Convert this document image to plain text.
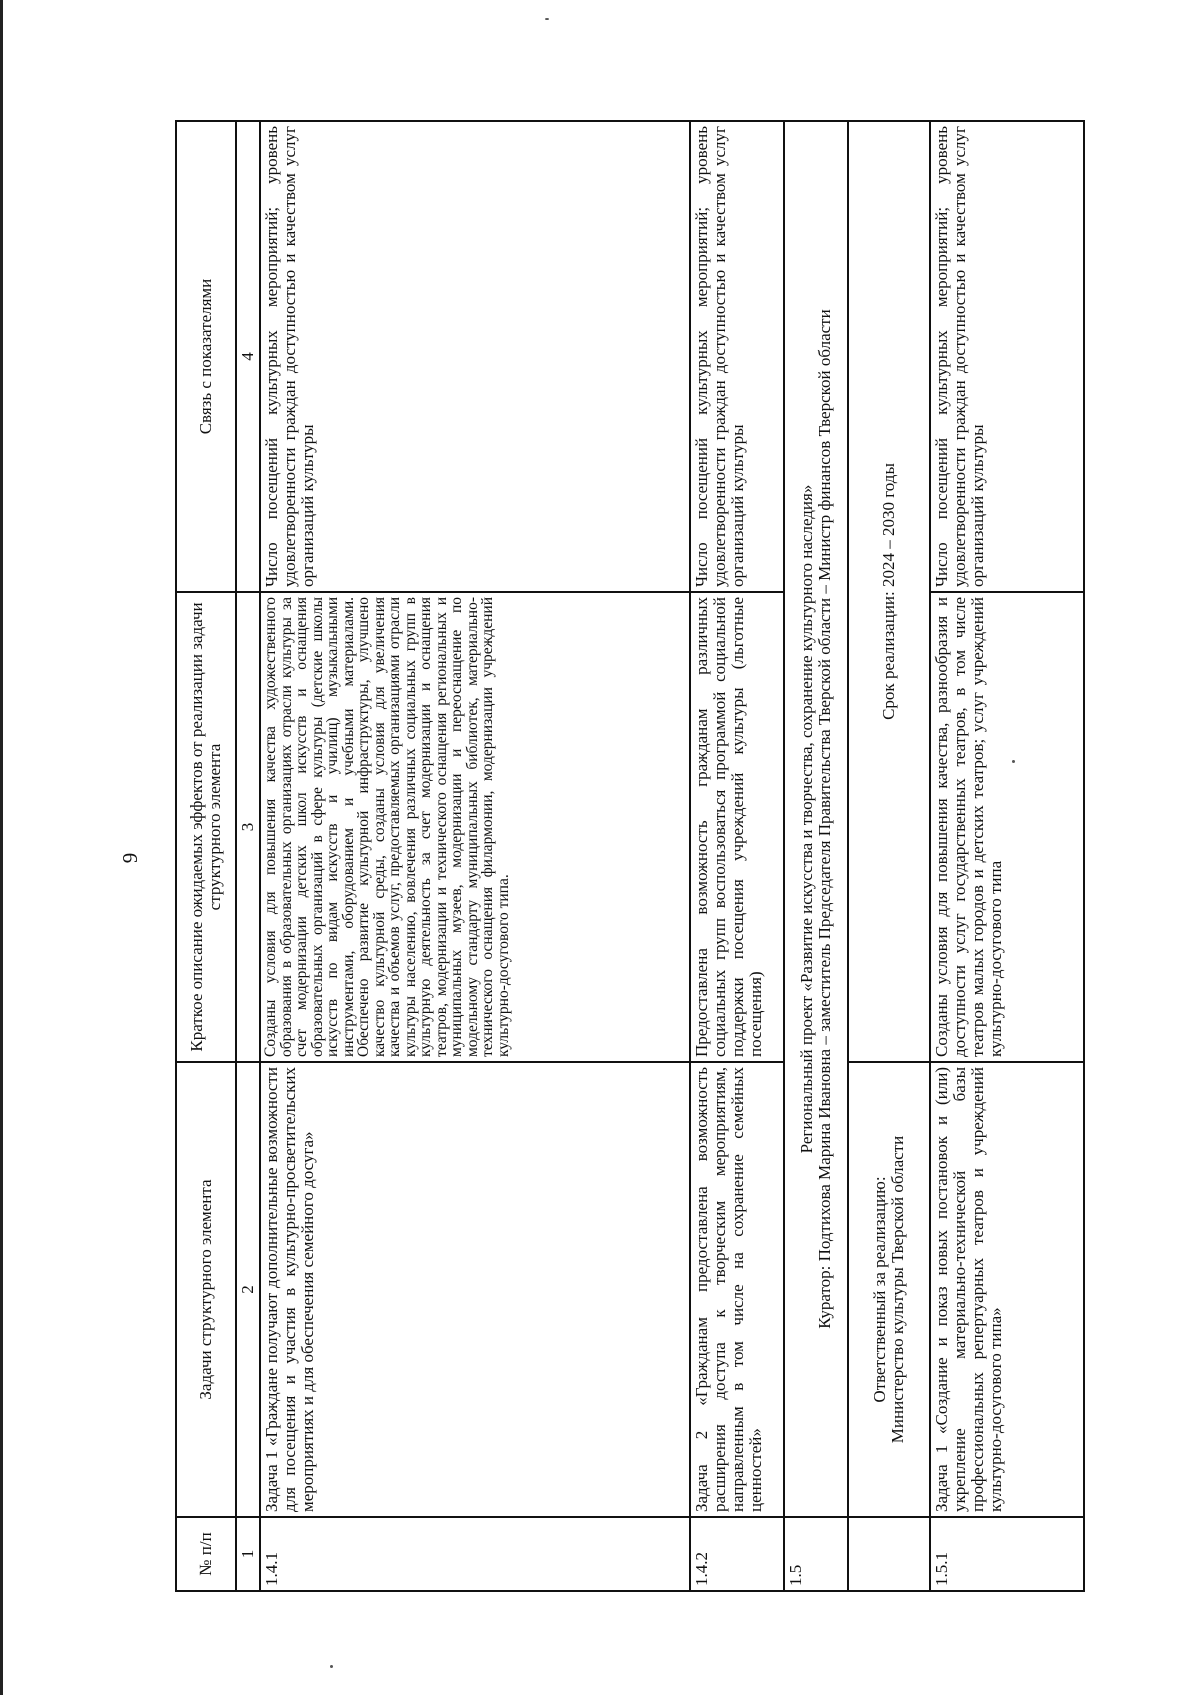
9
№ п/п	Задачи структурного элемента	Краткое описание ожидаемых эффектов от реализации задачи структурного элемента	Связь с показателями
1	2	3	4
1.4.1	Задача 1 «Граждане получают дополнительные возможности для посещения и участия в культурно-просветительских мероприятиях и для обеспечения семейного досуга»	Созданы условия для повышения качества художественного образования в образовательных организациях отрасли культуры за счет модернизации детских школ искусств и оснащения образовательных организаций в сфере культуры (детские школы искусств по видам искусств и училищ) музыкальными инструментами, оборудованием и учебными материалами. Обеспечено развитие культурной инфраструктуры, улучшено качество культурной среды, созданы условия для увеличения качества и объемов услуг, предоставляемых организациями отрасли культуры населению, вовлечения различных социальных групп в культурную деятельность за счет модернизации и оснащения театров, модернизации и технического оснащения региональных и муниципальных музеев, модернизации и переоснащение по модельному стандарту муниципальных библиотек, материально-технического оснащения филармонии, модернизации учреждений культурно-досугового типа.	Число посещений культурных мероприятий; уровень удовлетворенности граждан доступностью и качеством услуг организаций культуры
1.4.2	Задача 2 «Гражданам предоставлена возможность расширения доступа к творческим мероприятиям, направленным в том числе на сохранение семейных ценностей»	Предоставлена возможность гражданам различных социальных групп воспользоваться программой социальной поддержки посещения учреждений культуры (льготные посещения)	Число посещений культурных мероприятий; уровень удовлетворенности граждан доступностью и качеством услуг организаций культуры
1.5	Региональный проект «Развитие искусства и творчества, сохранение культурного наследия» Куратор: Подтихова Марина Ивановна – заместитель Председателя Правительства Тверской области – Министр финансов Тверской области		

	Ответственный за реализацию: Министерство культуры Тверской области	Срок реализации: 2024 – 2030 годы	
1.5.1	Задача 1 «Создание и показ новых постановок и (или) укрепление материально-технической базы профессиональных репертуарных театров и учреждений культурно-досугового типа»	Созданы условия для повышения качества, разнообразия и доступности услуг государственных театров, в том числе театров малых городов и детских театров; услуг учреждений культурно-досугового типа	Число посещений культурных мероприятий; уровень удовлетворенности граждан доступностью и качеством услуг организаций культуры
